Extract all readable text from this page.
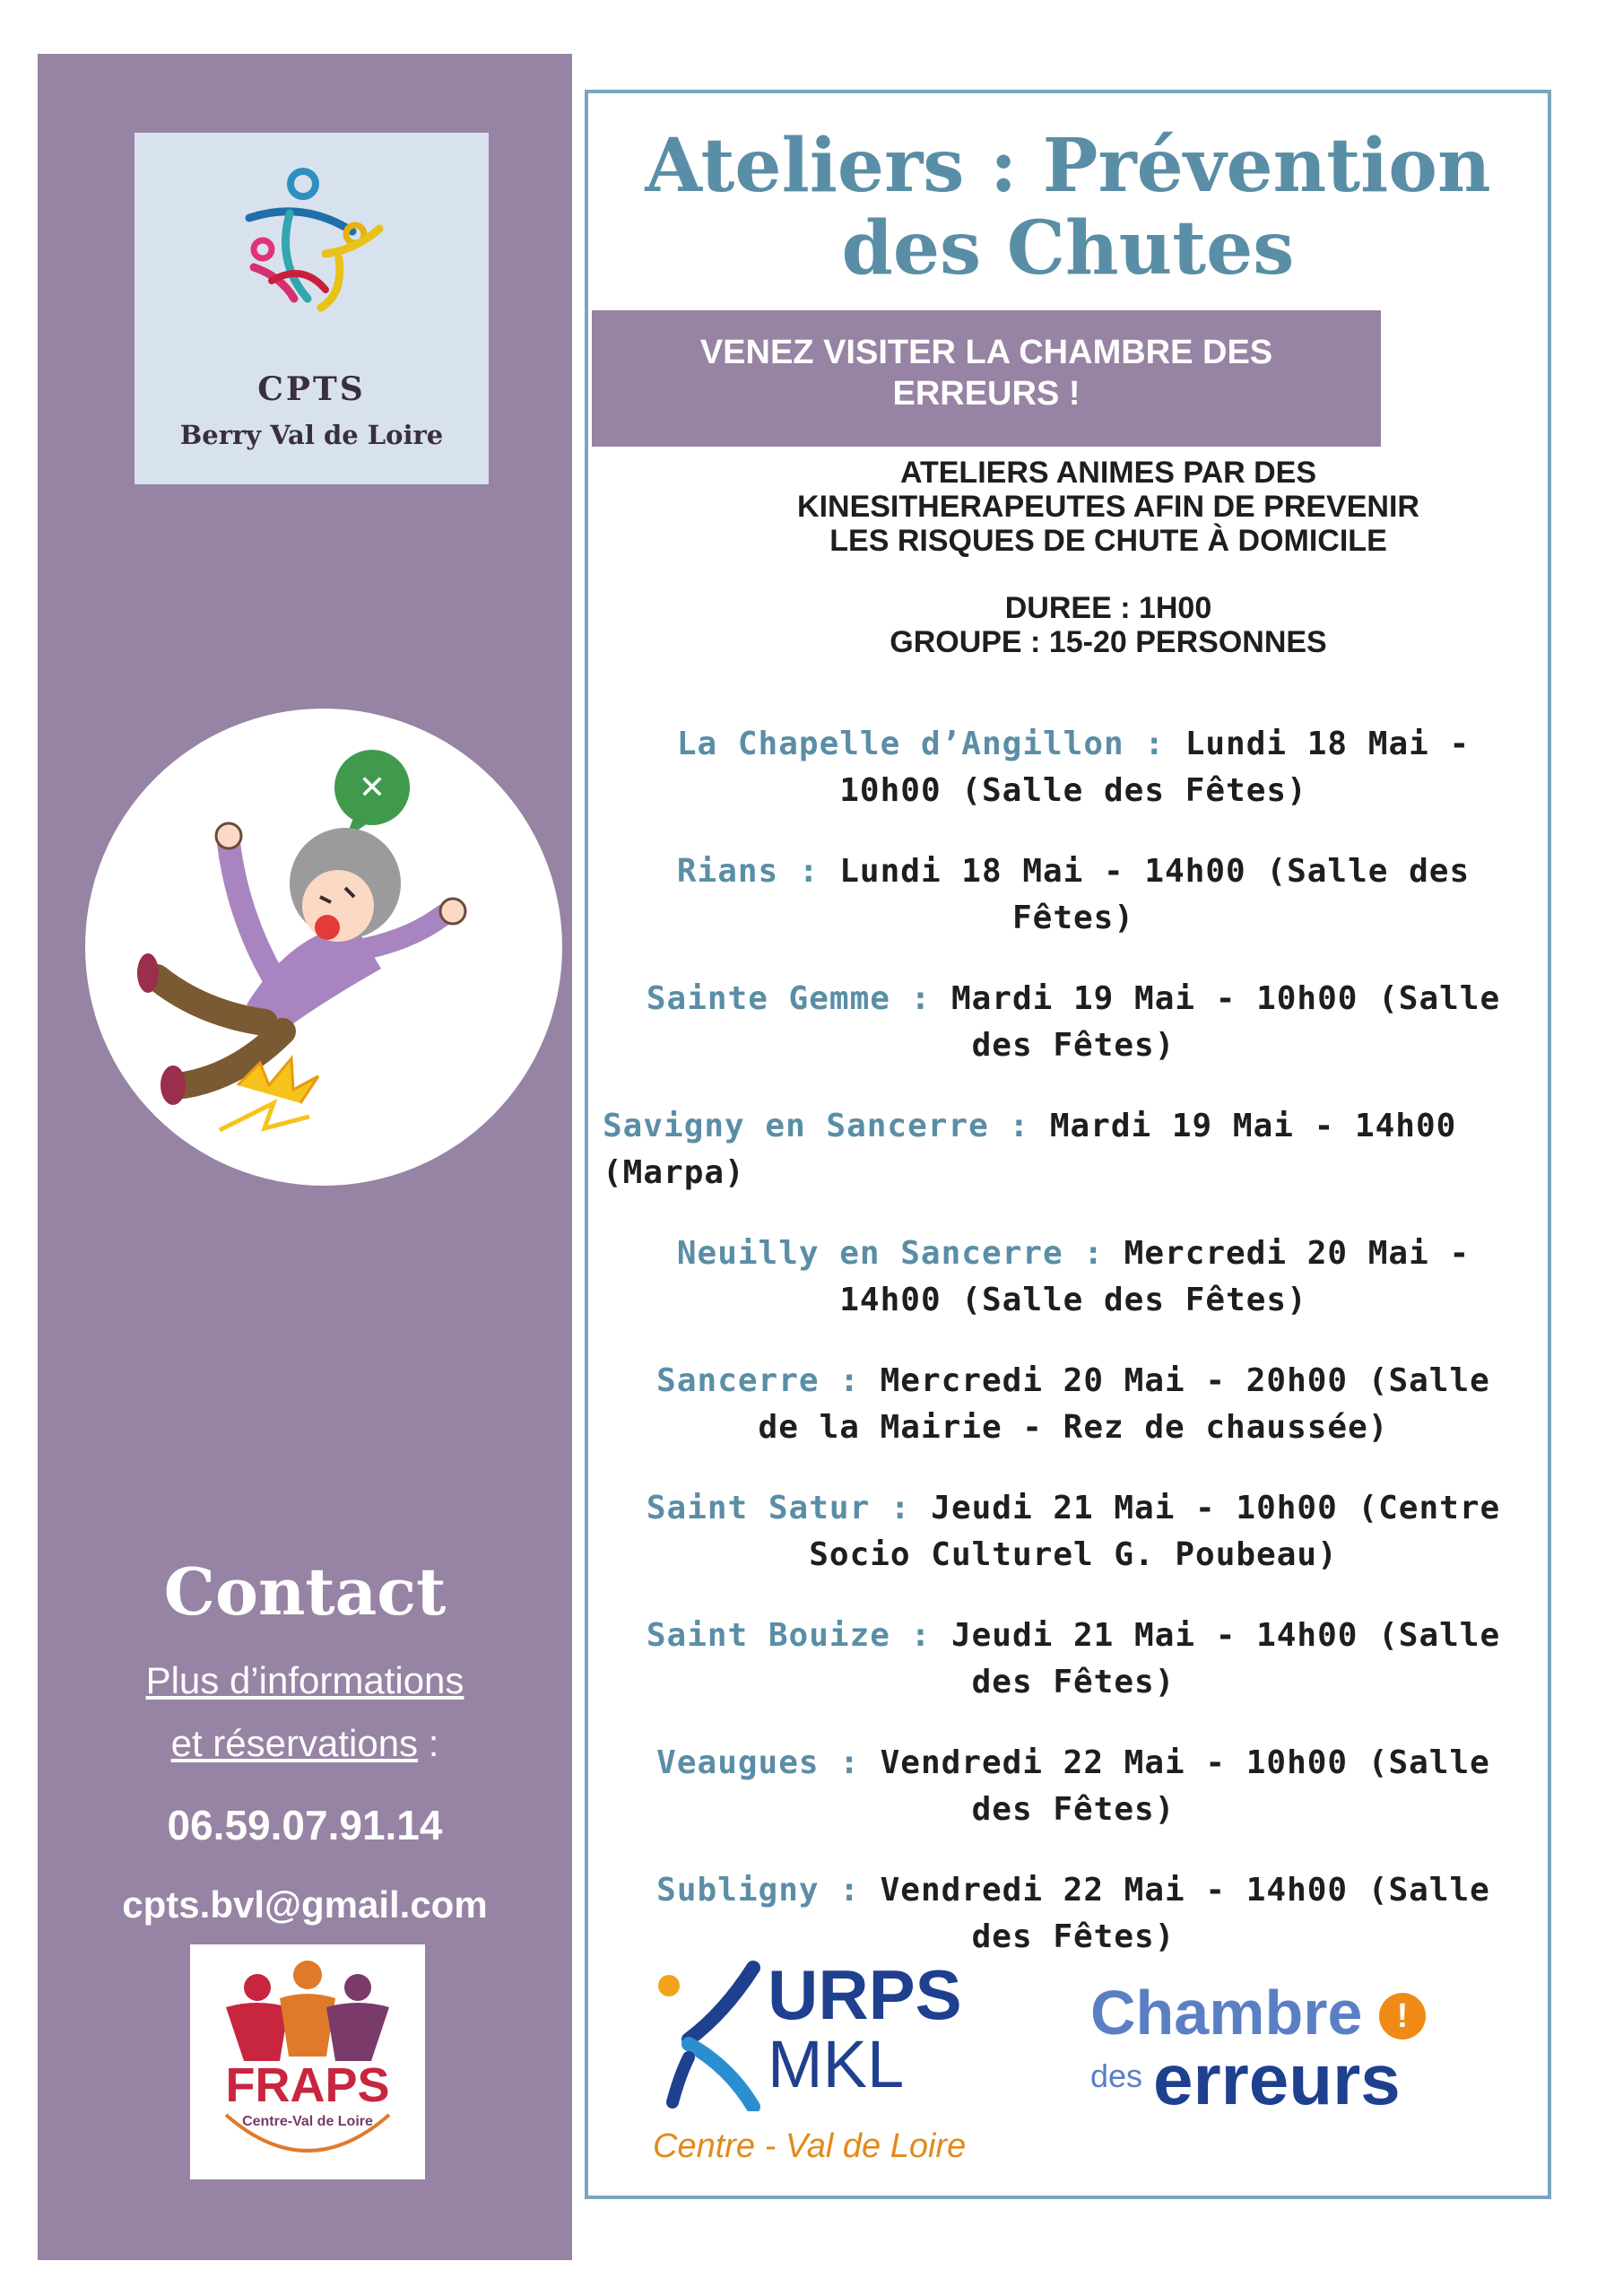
CPTS
Berry Val de Loire
✕
Contact
Plus d’informations
et réservations :
06.59.07.91.14
cpts.bvl@gmail.com
FRAPS
Centre-Val de Loire
Ateliers : Prévention
des Chutes
VENEZ VISITER LA CHAMBRE DES
ERREURS !
ATELIERS ANIMES PAR DES
KINESITHERAPEUTES AFIN DE PREVENIR
LES RISQUES DE CHUTE À DOMICILE
DUREE : 1H00
GROUPE : 15-20 PERSONNES
La Chapelle d’Angillon : Lundi 18 Mai -
10h00 (Salle des Fêtes)
Rians : Lundi 18 Mai - 14h00 (Salle des
Fêtes)
Sainte Gemme : Mardi 19 Mai - 10h00 (Salle
des Fêtes)
Savigny en Sancerre : Mardi 19 Mai - 14h00
(Marpa)
Neuilly en Sancerre : Mercredi 20 Mai -
14h00 (Salle des Fêtes)
Sancerre : Mercredi 20 Mai - 20h00 (Salle
de la Mairie - Rez de chaussée)
Saint Satur : Jeudi 21 Mai - 10h00 (Centre
Socio Culturel G. Poubeau)
Saint Bouize : Jeudi 21 Mai - 14h00 (Salle
des Fêtes)
Veaugues : Vendredi 22 Mai - 10h00 (Salle
des Fêtes)
Subligny : Vendredi 22 Mai - 14h00 (Salle
des Fêtes)
URPS
MKL
Centre - Val de Loire
Chambre	!
des erreurs
